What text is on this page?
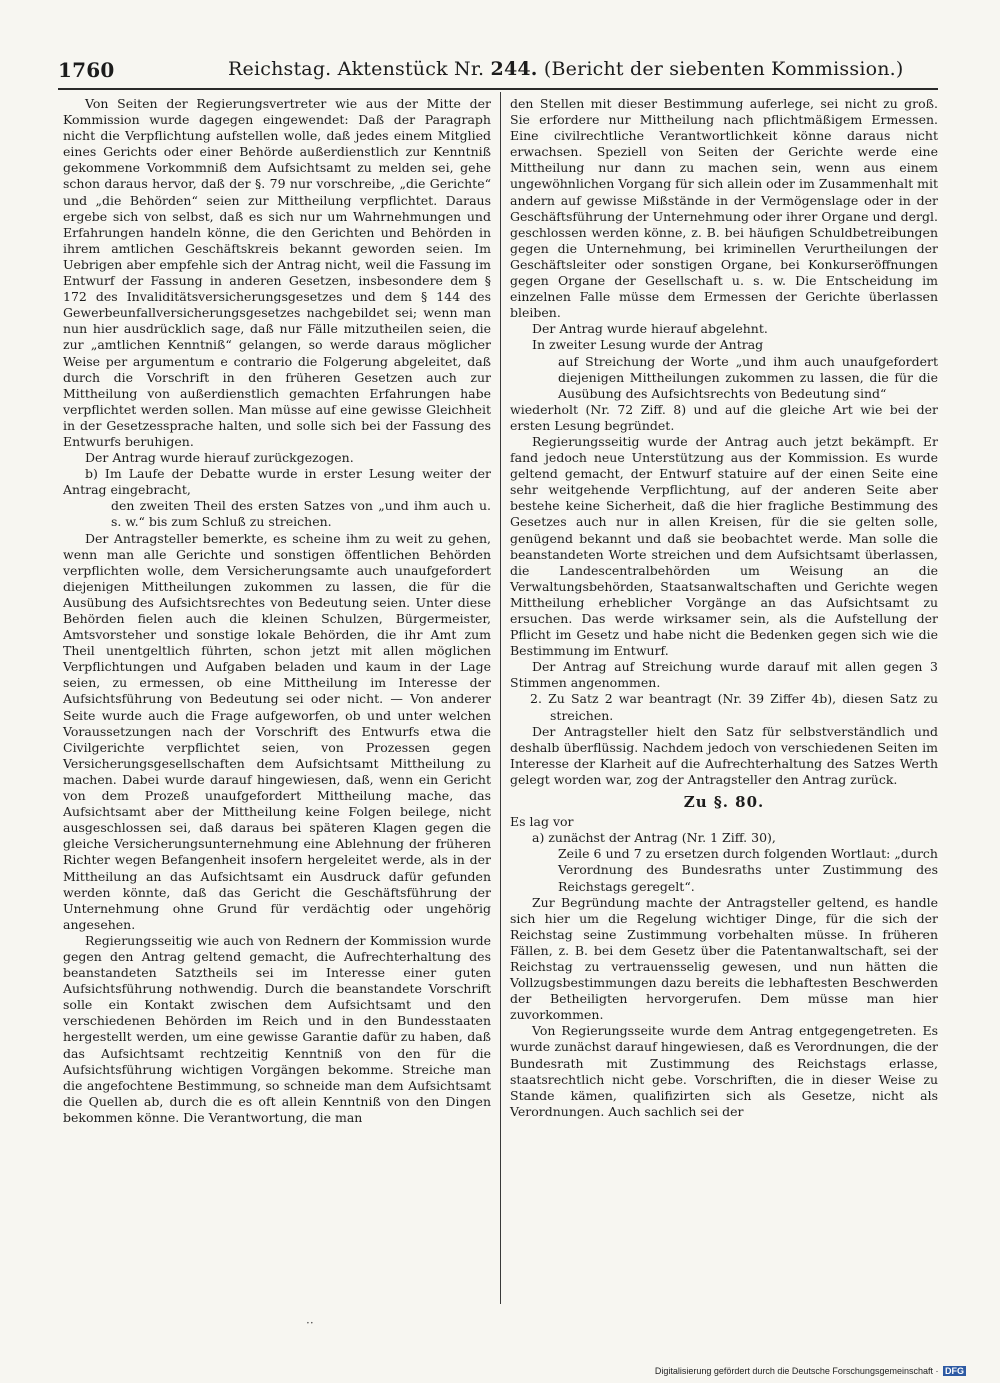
1760	Reichstag. Aktenstück Nr. 244. (Bericht der siebenten Kommission.)

Von Seiten der Regierungsvertreter wie aus der Mitte der Kommission wurde dagegen eingewendet: Daß der Paragraph nicht die Verpflichtung aufstellen wolle, daß jedes einem Mitglied eines Gerichts oder einer Behörde außerdienstlich zur Kenntniß gekommene Vorkommniß dem Aufsichtsamt zu melden sei, gehe schon daraus hervor, daß der §. 79 nur vorschreibe, „die Gerichte“ und „die Behörden“ seien zur Mittheilung verpflichtet. Daraus ergebe sich von selbst, daß es sich nur um Wahrnehmungen und Erfahrungen handeln könne, die den Gerichten und Behörden in ihrem amtlichen Geschäftskreis bekannt geworden seien. Im Uebrigen aber empfehle sich der Antrag nicht, weil die Fassung im Entwurf der Fassung in anderen Gesetzen, insbesondere dem § 172 des Invaliditätsversicherungsgesetzes und dem § 144 des Gewerbeunfallversicherungsgesetzes nachgebildet sei; wenn man nun hier ausdrücklich sage, daß nur Fälle mitzutheilen seien, die zur „amtlichen Kenntniß“ gelangen, so werde daraus möglicher Weise per argumentum e contrario die Folgerung abgeleitet, daß durch die Vorschrift in den früheren Gesetzen auch zur Mittheilung von außerdienstlich gemachten Erfahrungen habe verpflichtet werden sollen. Man müsse auf eine gewisse Gleichheit in der Gesetzessprache halten, und solle sich bei der Fassung des Entwurfs beruhigen.

Der Antrag wurde hierauf zurückgezogen.

b) Im Laufe der Debatte wurde in erster Lesung weiter der Antrag eingebracht,

den zweiten Theil des ersten Satzes von „und ihm auch u. s. w.“ bis zum Schluß zu streichen.

Der Antragsteller bemerkte, es scheine ihm zu weit zu gehen, wenn man alle Gerichte und sonstigen öffentlichen Behörden verpflichten wolle, dem Versicherungsamte auch unaufgefordert diejenigen Mittheilungen zukommen zu lassen, die für die Ausübung des Aufsichtsrechtes von Bedeutung seien. Unter diese Behörden fielen auch die kleinen Schulzen, Bürgermeister, Amtsvorsteher und sonstige lokale Behörden, die ihr Amt zum Theil unentgeltlich führten, schon jetzt mit allen möglichen Verpflichtungen und Aufgaben beladen und kaum in der Lage seien, zu ermessen, ob eine Mittheilung im Interesse der Aufsichtsführung von Bedeutung sei oder nicht. — Von anderer Seite wurde auch die Frage aufgeworfen, ob und unter welchen Voraussetzungen nach der Vorschrift des Entwurfs etwa die Civilgerichte verpflichtet seien, von Prozessen gegen Versicherungsgesellschaften dem Aufsichtsamt Mittheilung zu machen. Dabei wurde darauf hingewiesen, daß, wenn ein Gericht von dem Prozeß unaufgefordert Mittheilung mache, das Aufsichtsamt aber der Mittheilung keine Folgen beilege, nicht ausgeschlossen sei, daß daraus bei späteren Klagen gegen die gleiche Versicherungsunternehmung eine Ablehnung der früheren Richter wegen Befangenheit insofern hergeleitet werde, als in der Mittheilung an das Aufsichtsamt ein Ausdruck dafür gefunden werden könnte, daß das Gericht die Geschäftsführung der Unternehmung ohne Grund für verdächtig oder ungehörig angesehen.

Regierungsseitig wie auch von Rednern der Kommission wurde gegen den Antrag geltend gemacht, die Aufrechterhaltung des beanstandeten Satztheils sei im Interesse einer guten Aufsichtsführung nothwendig. Durch die beanstandete Vorschrift solle ein Kontakt zwischen dem Aufsichtsamt und den verschiedenen Behörden im Reich und in den Bundesstaaten hergestellt werden, um eine gewisse Garantie dafür zu haben, daß das Aufsichtsamt rechtzeitig Kenntniß von den für die Aufsichtsführung wichtigen Vorgängen bekomme. Streiche man die angefochtene Bestimmung, so schneide man dem Aufsichtsamt die Quellen ab, durch die es oft allein Kenntniß von den Dingen bekommen könne. Die Verantwortung, die man

den Stellen mit dieser Bestimmung auferlege, sei nicht zu groß. Sie erfordere nur Mittheilung nach pflichtmäßigem Ermessen. Eine civilrechtliche Verantwortlichkeit könne daraus nicht erwachsen. Speziell von Seiten der Gerichte werde eine Mittheilung nur dann zu machen sein, wenn aus einem ungewöhnlichen Vorgang für sich allein oder im Zusammenhalt mit andern auf gewisse Mißstände in der Vermögenslage oder in der Geschäftsführung der Unternehmung oder ihrer Organe und dergl. geschlossen werden könne, z. B. bei häufigen Schuldbetreibungen gegen die Unternehmung, bei kriminellen Verurtheilungen der Geschäftsleiter oder sonstigen Organe, bei Konkurseröffnungen gegen Organe der Gesellschaft u. s. w. Die Entscheidung im einzelnen Falle müsse dem Ermessen der Gerichte überlassen bleiben.

Der Antrag wurde hierauf abgelehnt.

In zweiter Lesung wurde der Antrag

auf Streichung der Worte „und ihm auch unaufgefordert diejenigen Mittheilungen zukommen zu lassen, die für die Ausübung des Aufsichtsrechts von Bedeutung sind“

wiederholt (Nr. 72 Ziff. 8) und auf die gleiche Art wie bei der ersten Lesung begründet.

Regierungsseitig wurde der Antrag auch jetzt bekämpft. Er fand jedoch neue Unterstützung aus der Kommission. Es wurde geltend gemacht, der Entwurf statuire auf der einen Seite eine sehr weitgehende Verpflichtung, auf der anderen Seite aber bestehe keine Sicherheit, daß die hier fragliche Bestimmung des Gesetzes auch nur in allen Kreisen, für die sie gelten solle, genügend bekannt und daß sie beobachtet werde. Man solle die beanstandeten Worte streichen und dem Aufsichtsamt überlassen, die Landescentralbehörden um Weisung an die Verwaltungsbehörden, Staatsanwaltschaften und Gerichte wegen Mittheilung erheblicher Vorgänge an das Aufsichtsamt zu ersuchen. Das werde wirksamer sein, als die Aufstellung der Pflicht im Gesetz und habe nicht die Bedenken gegen sich wie die Bestimmung im Entwurf.

Der Antrag auf Streichung wurde darauf mit allen gegen 3 Stimmen angenommen.

2. Zu Satz 2 war beantragt (Nr. 39 Ziffer 4b), diesen Satz zu streichen.

Der Antragsteller hielt den Satz für selbstverständlich und deshalb überflüssig. Nachdem jedoch von verschiedenen Seiten im Interesse der Klarheit auf die Aufrechterhaltung des Satzes Werth gelegt worden war, zog der Antragsteller den Antrag zurück.

Zu §. 80.

Es lag vor

a) zunächst der Antrag (Nr. 1 Ziff. 30),

Zeile 6 und 7 zu ersetzen durch folgenden Wortlaut: „durch Verordnung des Bundesraths unter Zustimmung des Reichstags geregelt“.

Zur Begründung machte der Antragsteller geltend, es handle sich hier um die Regelung wichtiger Dinge, für die sich der Reichstag seine Zustimmung vorbehalten müsse. In früheren Fällen, z. B. bei dem Gesetz über die Patentanwaltschaft, sei der Reichstag zu vertrauensselig gewesen, und nun hätten die Vollzugsbestimmungen dazu bereits die lebhaftesten Beschwerden der Betheiligten hervorgerufen. Dem müsse man hier zuvorkommen.

Von Regierungsseite wurde dem Antrag entgegengetreten. Es wurde zunächst darauf hingewiesen, daß es Verordnungen, die der Bundesrath mit Zustimmung des Reichstags erlasse, staatsrechtlich nicht gebe. Vorschriften, die in dieser Weise zu Stande kämen, qualifizirten sich als Gesetze, nicht als Verordnungen. Auch sachlich sei der

··
Digitalisierung gefördert durch die Deutsche Forschungsgemeinschaft · DFG
